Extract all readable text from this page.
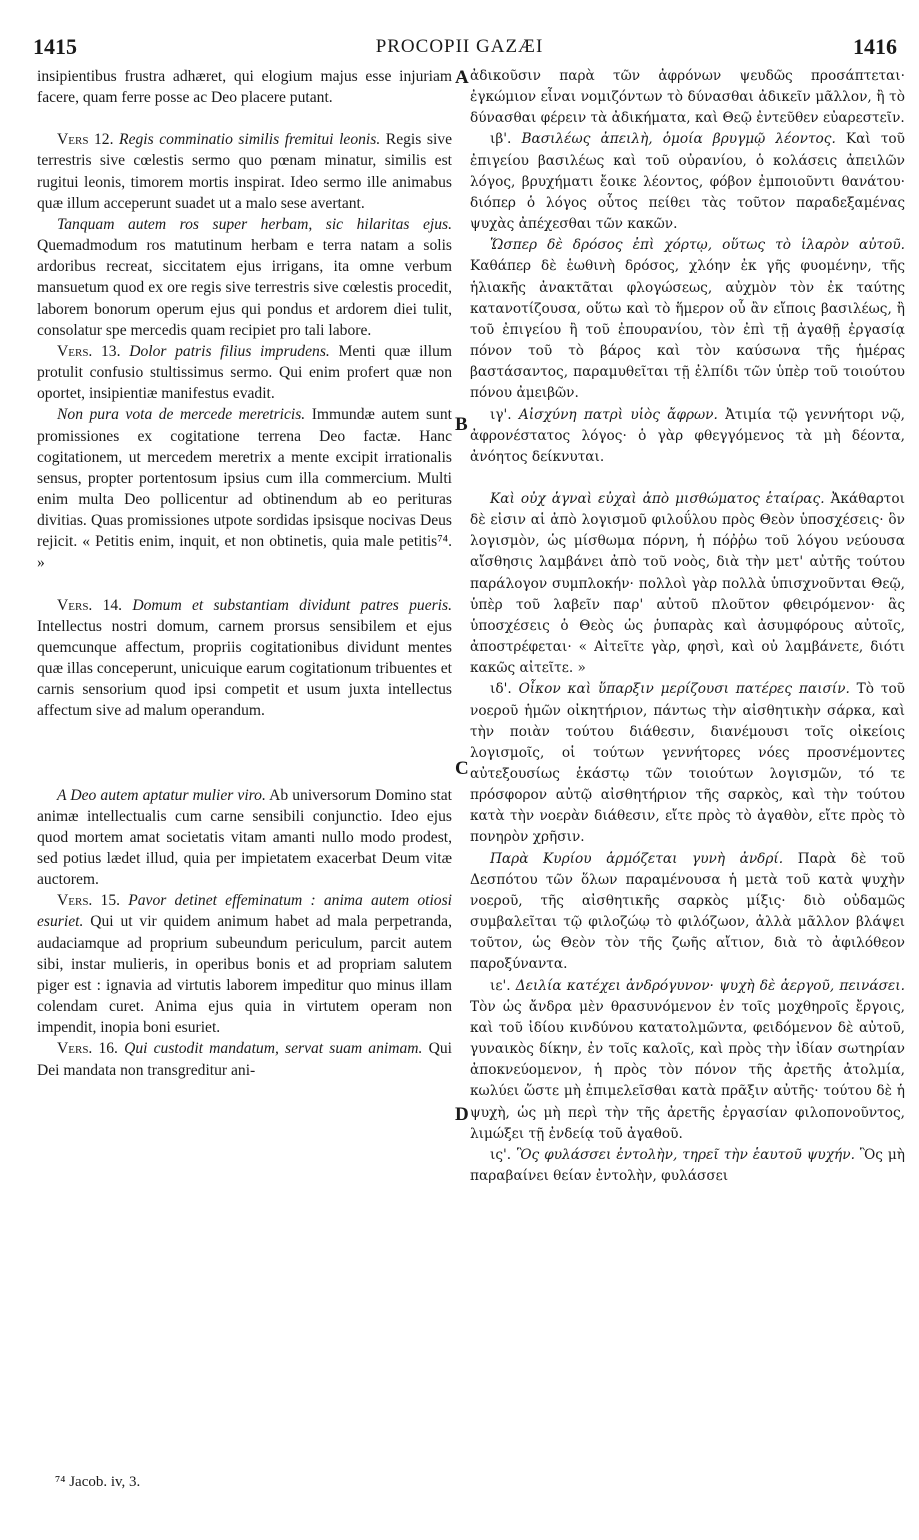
1415	PROCOPII GAZÆI	1416

insipientibus frustra adhæret, qui elogium majus esse injuriam facere, quam ferre posse ac Deo placere putant.

Vers 12. Regis comminatio similis fremitui leonis. Regis sive terrestris sive cœlestis sermo quo pœnam minatur, similis est rugitui leonis, timorem mortis inspirat. Ideo sermo ille animabus quæ illum acceperunt suadet ut a malo sese avertant.

Tanquam autem ros super herbam, sic hilaritas ejus. Quemadmodum ros matutinum herbam e terra natam a solis ardoribus recreat, siccitatem ejus irrigans, ita omne verbum mansuetum quod ex ore regis sive terrestris sive cœlestis procedit, laborem bonorum operum ejus qui pondus et ardorem diei tulit, consolatur spe mercedis quam recipiet pro tali labore.

Vers. 13. Dolor patris filius imprudens. Menti quæ illum protulit confusio stultissimus sermo. Qui enim profert quæ non oportet, insipientiæ manifestus evadit.

Non pura vota de mercede meretricis. Immundæ autem sunt promissiones ex cogitatione terrena Deo factæ. Hanc cogitationem, ut mercedem meretrix a mente excipit irrationalis sensus, propter portentosum ipsius cum illa commercium. Multi enim multa Deo pollicentur ad obtinendum ab eo perituras divitias. Quas promissiones utpote sordidas ipsisque nocivas Deus rejicit. « Petitis enim, inquit, et non obtinetis, quia male petitis⁷⁴. »

Vers. 14. Domum et substantiam dividunt patres pueris. Intellectus nostri domum, carnem prorsus sensibilem et ejus quemcunque affectum, propriis cogitationibus dividunt mentes quæ illas conceperunt, unicuique earum cogitationum tribuentes et carnis sensorium quod ipsi competit et usum juxta intellectus affectum sive ad malum operandum.

A Deo autem aptatur mulier viro. Ab universorum Domino stat animæ intellectualis cum carne sensibili conjunctio. Ideo ejus quod mortem amat societatis vitam amanti nullo modo prodest, sed potius lædet illud, quia per impietatem exacerbat Deum vitæ auctorem.

Vers. 15. Pavor detinet effeminatum : anima autem otiosi esuriet. Qui ut vir quidem animum habet ad mala perpetranda, audaciamque ad proprium subeundum periculum, parcit autem sibi, instar mulieris, in operibus bonis et ad propriam salutem piger est : ignavia ad virtutis laborem impeditur quo minus illam colendam curet. Anima ejus quia in virtutem operam non impendit, inopia boni esuriet.

Vers. 16. Qui custodit mandatum, servat suam animam. Qui Dei mandata non transgreditur ani-

ἀδικοῦσιν παρὰ τῶν ἀφρόνων ψευδῶς προσάπτεται· ἐγκώμιον εἶναι νομιζόντων τὸ δύνασθαι ἀδικεῖν μᾶλλον, ἢ τὸ δύνασθαι φέρειν τὰ ἀδικήματα, καὶ Θεῷ ἐντεῦθεν εὐαρεστεῖν.

ιβ'. Βασιλέως ἀπειλὴ, ὁμοία βρυγμῷ λέοντος. Καὶ τοῦ ἐπιγείου βασιλέως καὶ τοῦ οὐρανίου, ὁ κολάσεις ἀπειλῶν λόγος, βρυχήματι ἔοικε λέοντος, φόβον ἐμποιοῦντι θανάτου· διόπερ ὁ λόγος οὗτος πείθει τὰς τοῦτον παραδεξαμένας ψυχὰς ἀπέχεσθαι τῶν κακῶν.

Ὥσπερ δὲ δρόσος ἐπὶ χόρτῳ, οὕτως τὸ ἱλαρὸν αὐτοῦ. Καθάπερ δὲ ἑωθινὴ δρόσος, χλόην ἐκ γῆς φυομένην, τῆς ἡλιακῆς ἀνακτᾶται φλογώσεως, αὐχμὸν τὸν ἐκ ταύτης κατανοτίζουσα, οὕτω καὶ τὸ ἥμερον οὗ ἂν εἴποις βασιλέως, ἢ τοῦ ἐπιγείου ἢ τοῦ ἐπουρανίου, τὸν ἐπὶ τῇ ἀγαθῇ ἐργασίᾳ πόνον τοῦ τὸ βάρος καὶ τὸν καύσωνα τῆς ἡμέρας βαστάσαντος, παραμυθεῖται τῇ ἐλπίδι τῶν ὑπὲρ τοῦ τοιούτου πόνου ἀμειβῶν.

ιγ'. Αἰσχύνη πατρὶ υἱὸς ἄφρων. Ἀτιμία τῷ γεννήτορι νῷ, ἀφρονέστατος λόγος· ὁ γὰρ φθεγγόμενος τὰ μὴ δέοντα, ἀνόητος δείκνυται.

Καὶ οὐχ ἁγναὶ εὐχαὶ ἀπὸ μισθώματος ἑταίρας. Ἀκάθαρτοι δὲ εἰσιν αἱ ἀπὸ λογισμοῦ φιλοΰλου πρὸς Θεὸν ὑποσχέσεις· ὃν λογισμὸν, ὡς μίσθωμα πόρνη, ἡ πόῤῥω τοῦ λόγου νεύουσα αἴσθησις λαμβάνει ἀπὸ τοῦ νοὸς, διὰ τὴν μετ' αὐτῆς τούτου παράλογον συμπλοκήν· πολλοὶ γὰρ πολλὰ ὑπισχνοῦνται Θεῷ, ὑπὲρ τοῦ λαβεῖν παρ' αὐτοῦ πλοῦτον φθειρόμενον· ἃς ὑποσχέσεις ὁ Θεὸς ὡς ῥυπαρὰς καὶ ἀσυμφόρους αὐτοῖς, ἀποστρέφεται· « Αἰτεῖτε γὰρ, φησὶ, καὶ οὐ λαμβάνετε, διότι κακῶς αἰτεῖτε. »

ιδ'. Οἶκον καὶ ὕπαρξιν μερίζουσι πατέρες παισίν. Τὸ τοῦ νοεροῦ ἡμῶν οἰκητήριον, πάντως τὴν αἰσθητικὴν σάρκα, καὶ τὴν ποιὰν τούτου διάθεσιν, διανέμουσι τοῖς οἰκείοις λογισμοῖς, οἱ τούτων γεννήτορες νόες προσνέμοντες αὐτεξουσίως ἑκάστῳ τῶν τοιούτων λογισμῶν, τό τε πρόσφορον αὐτῷ αἰσθητήριον τῆς σαρκὸς, καὶ τὴν τούτου κατὰ τὴν νοερὰν διάθεσιν, εἴτε πρὸς τὸ ἀγαθὸν, εἴτε πρὸς τὸ πονηρὸν χρῆσιν.

Παρὰ Κυρίου ἁρμόζεται γυνὴ ἀνδρί. Παρὰ δὲ τοῦ Δεσπότου τῶν ὅλων παραμένουσα ἡ μετὰ τοῦ κατὰ ψυχὴν νοεροῦ, τῆς αἰσθητικῆς σαρκὸς μίξις· διὸ οὐδαμῶς συμβαλεῖται τῷ φιλοζώῳ τὸ φιλόζωον, ἀλλὰ μᾶλλον βλάψει τοῦτον, ὡς Θεὸν τὸν τῆς ζωῆς αἴτιον, διὰ τὸ ἀφιλόθεον παροξύναντα.

ιε'. Δειλία κατέχει ἀνδρόγυνον· ψυχὴ δὲ ἀεργοῦ, πεινάσει. Τὸν ὡς ἄνδρα μὲν θρασυνόμενον ἐν τοῖς μοχθηροῖς ἔργοις, καὶ τοῦ ἰδίου κινδύνου κατατολμῶντα, φειδόμενον δὲ αὐτοῦ, γυναικὸς δίκην, ἐν τοῖς καλοῖς, καὶ πρὸς τὴν ἰδίαν σωτηρίαν ἀποκνεύομενον, ἡ πρὸς τὸν πόνον τῆς ἀρετῆς ἀτολμία, κωλύει ὥστε μὴ ἐπιμελεῖσθαι κατὰ πρᾶξιν αὐτῆς· τούτου δὲ ἡ ψυχὴ, ὡς μὴ περὶ τὴν τῆς ἀρετῆς ἐργασίαν φιλοπονοῦντος, λιμώξει τῇ ἐνδείᾳ τοῦ ἀγαθοῦ.

ις'. Ὃς φυλάσσει ἐντολὴν, τηρεῖ τὴν ἑαυτοῦ ψυχήν. Ὃς μὴ παραβαίνει θείαν ἐντολὴν, φυλάσσει

A
B
C
D
⁷⁴ Jacob. iv, 3.
